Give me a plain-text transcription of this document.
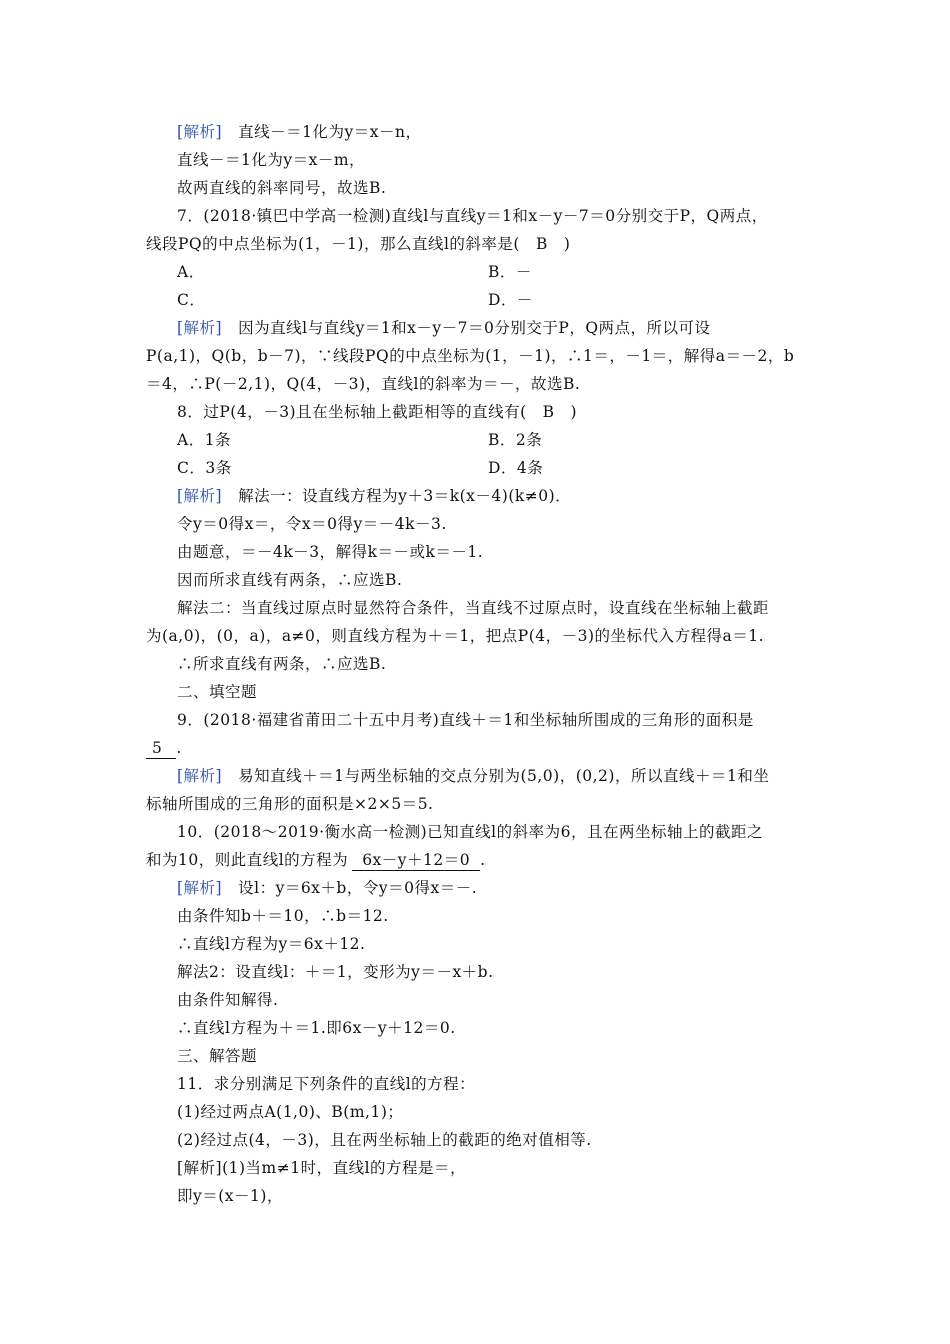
[解析]　直线－＝1化为y＝x－n，
直线－＝1化为y＝x－m，
故两直线的斜率同号，故选B.
7．(2018·镇巴中学高一检测)直线l与直线y＝1和x－y－7＝0分别交于P，Q两点，
线段PQ的中点坐标为(1，－1)，那么直线l的斜率是(　B　)
A．	B．－
C．	D．－
[解析]　因为直线l与直线y＝1和x－y－7＝0分别交于P，Q两点，所以可设
P(a,1)，Q(b，b－7)，∵线段PQ的中点坐标为(1，－1)，∴1＝，－1＝，解得a＝－2，b
＝4，∴P(－2,1)，Q(4，－3)，直线l的斜率为＝－，故选B.
8．过P(4，－3)且在坐标轴上截距相等的直线有(　B　)
A．1条	B．2条
C．3条	D．4条
[解析]　解法一：设直线方程为y＋3＝k(x－4)(k≠0)．
令y＝0得x＝，令x＝0得y＝－4k－3.
由题意，＝－4k－3，解得k＝－或k＝－1.
因而所求直线有两条，∴应选B.
解法二：当直线过原点时显然符合条件，当直线不过原点时，设直线在坐标轴上截距
为(a,0)，(0，a)，a≠0，则直线方程为＋＝1，把点P(4，－3)的坐标代入方程得a＝1.
∴所求直线有两条，∴应选B.
二、填空题
9．(2018·福建省莆田二十五中月考)直线＋＝1和坐标轴所围成的三角形的面积是
5 .
[解析]　易知直线＋＝1与两坐标轴的交点分别为(5,0)，(0,2)，所以直线＋＝1和坐
标轴所围成的三角形的面积是×2×5＝5.
10．(2018～2019·衡水高一检测)已知直线l的斜率为6，且在两坐标轴上的截距之
和为10，则此直线l的方程为 6x－y＋12＝0 .
[解析]　设l：y＝6x＋b，令y＝0得x＝－.
由条件知b＋＝10，∴b＝12.
∴直线l方程为y＝6x＋12.
解法2：设直线l：＋＝1，变形为y＝－x＋b.
由条件知解得.
∴直线l方程为＋＝1.即6x－y＋12＝0.
三、解答题
11．求分别满足下列条件的直线l的方程：
(1)经过两点A(1,0)、B(m,1)；
(2)经过点(4，－3)，且在两坐标轴上的截距的绝对值相等.
[解析](1)当m≠1时，直线l的方程是＝，
即y＝(x－1)，
